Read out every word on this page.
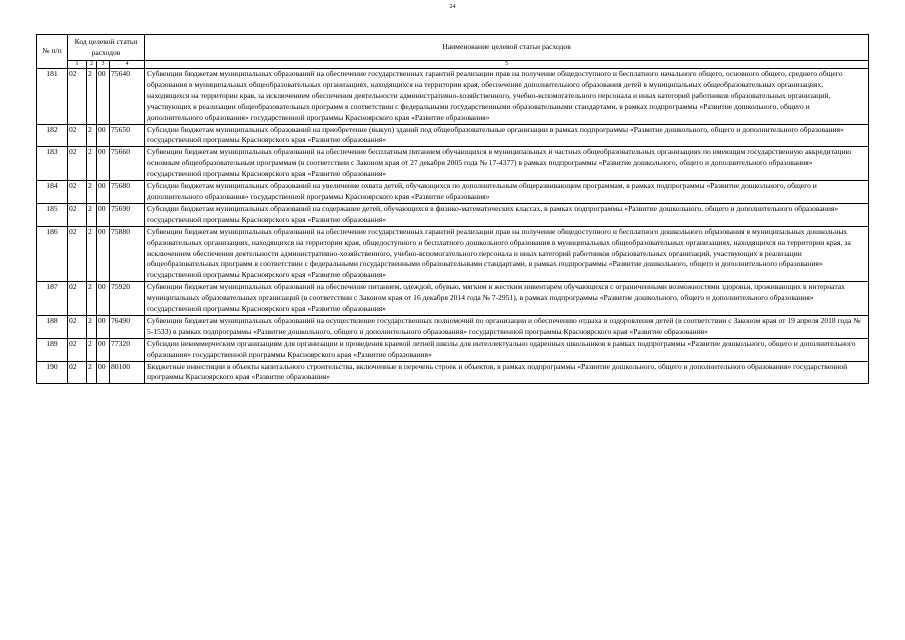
24
№ п/п	Код целевой статьи расходов				Наименование целевой статьи расходов
	1	2	3	4	5
181	02	2	00	75640	Субвенции бюджетам муниципальных образований на обеспечение государственных гарантий реализации прав на получение общедоступного и бесплатного начального общего, основного общего, среднего общего образования в муниципальных общеобразовательных организациях, находящихся на территории края, обеспечение дополнительного образования детей в муниципальных общеобразовательных организациях, находящихся на территории края, за исключением обеспечения деятельности административно-хозяйственного, учебно-вспомогательного персонала и иных категорий работников образовательных организаций, участвующих в реализации общеобразовательных программ в соответствии с федеральными государственными образовательными стандартами, в рамках подпрограммы «Развитие дошкольного, общего и дополнительного образования» государственной программы Красноярского края «Развитие образования»
182	02	2	00	75650	Субсидии бюджетам муниципальных образований на приобретение (выкуп) зданий под общеобразовательные организации в рамках подпрограммы «Развитие дошкольного, общего и дополнительного образования» государственной программы Красноярского края «Развитие образования»
183	02	2	00	75660	Субвенции бюджетам муниципальных образований на обеспечение бесплатным питанием обучающихся в муниципальных и частных общеобразовательных организациях по имеющим государственную аккредитацию основным общеобразовательным программам (в соответствии с Законом края от 27 декабря 2005 года № 17-4377) в рамках подпрограммы «Развитие дошкольного, общего и дополнительного образования» государственной программы Красноярского края «Развитие образования»
184	02	2	00	75680	Субсидии бюджетам муниципальных образований на увеличение охвата детей, обучающихся по дополнительным общеразвивающим программам, в рамках подпрограммы «Развитие дошкольного, общего и дополнительного образования» государственной программы Красноярского края «Развитие образования»
185	02	2	00	75690	Субсидии бюджетам муниципальных образований на содержание детей, обучающихся в физико-математических классах, в рамках подпрограммы «Развитие дошкольного, общего и дополнительного образования» государственной программы Красноярского края «Развитие образования»
186	02	2	00	75880	Субвенции бюджетам муниципальных образований на обеспечение государственных гарантий реализации прав на получение общедоступного и бесплатного дошкольного образования в муниципальных дошкольных образовательных организациях, находящихся на территории края, общедоступного и бесплатного дошкольного образования в муниципальных общеобразовательных организациях, находящихся на территории края, за исключением обеспечения деятельности административно-хозяйственного, учебно-вспомогательного персонала и иных категорий работников образовательных организаций, участвующих в реализации общеобразовательных программ в соответствии с федеральными государственными образовательными стандартами, в рамках подпрограммы «Развитие дошкольного, общего и дополнительного образования» государственной программы Красноярского края «Развитие образования»
187	02	2	00	75920	Субвенции бюджетам муниципальных образований на обеспечение питанием, одеждой, обувью, мягким и жестким инвентарем обучающихся с ограниченными возможностями здоровья, проживающих в интернатах муниципальных образовательных организаций (в соответствии с Законом края от 16 декабря 2014 года № 7-2951), в рамках подпрограммы «Развитие дошкольного, общего и дополнительного образования» государственной программы Красноярского края «Развитие образования»
188	02	2	00	76490	Субвенции бюджетам муниципальных образований на осуществление государственных полномочий по организации и обеспечению отдыха и оздоровления детей (в соответствии с Законом края от 19 апреля 2018 года № 5-1533) в рамках подпрограммы «Развитие дошкольного, общего и дополнительного образования» государственной программы Красноярского края «Развитие образования»
189	02	2	00	77320	Субсидии некоммерческим организациям для организации и проведения краевой летней школы для интеллектуально одаренных школьников в рамках подпрограммы «Развитие дошкольного, общего и дополнительного образования» государственной программы Красноярского края «Развитие образования»
190	02	2	00	80100	Бюджетные инвестиции в объекты капитального строительства, включенные в перечень строек и объектов, в рамках подпрограммы «Развитие дошкольного, общего и дополнительного образования» государственной программы Красноярского края «Развитие образования»
